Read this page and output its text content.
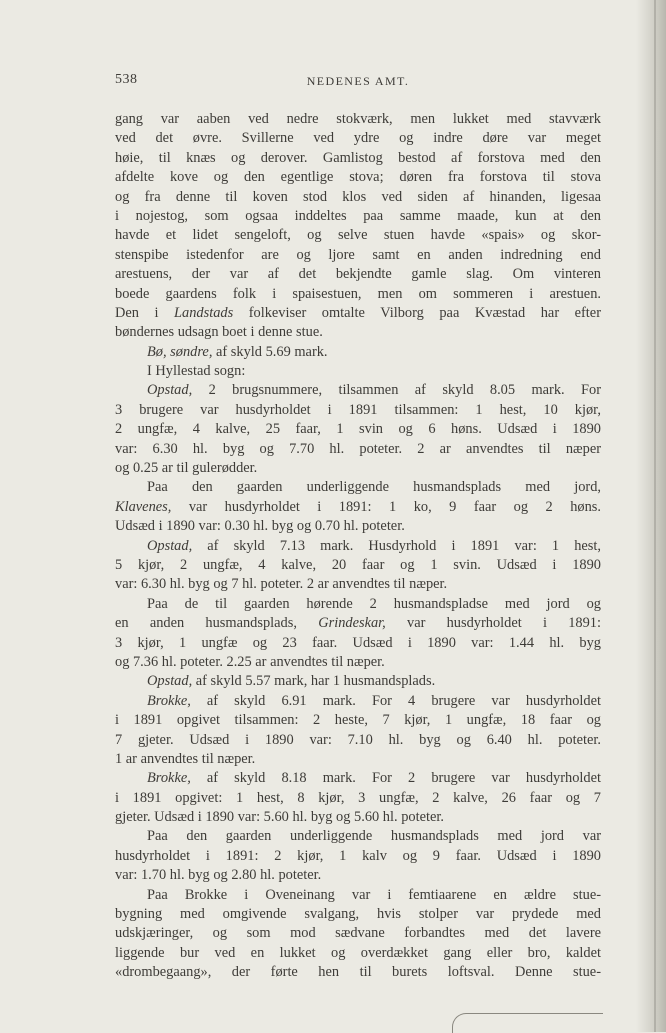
538	NEDENES AMT.
gang var aaben ved nedre stokværk, men lukket med stavværk
ved det øvre. Svillerne ved ydre og indre døre var meget
høie, til knæs og derover. Gamlistog bestod af forstova med den
afdelte kove og den egentlige stova; døren fra forstova til stova
og fra denne til koven stod klos ved siden af hinanden, ligesaa
i nojestog, som ogsaa inddeltes paa samme maade, kun at den
havde et lidet sengeloft, og selve stuen havde «spais» og skor-
stenspibe istedenfor are og ljore samt en anden indredning end
arestuens, der var af det bekjendte gamle slag. Om vinteren
boede gaardens folk i spaisestuen, men om sommeren i arestuen.
Den i Landstads folkeviser omtalte Vilborg paa Kvæstad har efter
bøndernes udsagn boet i denne stue.
Bø, søndre, af skyld 5.69 mark.
I Hyllestad sogn:
Opstad, 2 brugsnummere, tilsammen af skyld 8.05 mark. For
3 brugere var husdyrholdet i 1891 tilsammen: 1 hest, 10 kjør,
2 ungfæ, 4 kalve, 25 faar, 1 svin og 6 høns. Udsæd i 1890
var: 6.30 hl. byg og 7.70 hl. poteter. 2 ar anvendtes til næper
og 0.25 ar til gulerødder.
Paa den gaarden underliggende husmandsplads med jord,
Klavenes, var husdyrholdet i 1891: 1 ko, 9 faar og 2 høns.
Udsæd i 1890 var: 0.30 hl. byg og 0.70 hl. poteter.
Opstad, af skyld 7.13 mark. Husdyrhold i 1891 var: 1 hest,
5 kjør, 2 ungfæ, 4 kalve, 20 faar og 1 svin. Udsæd i 1890
var: 6.30 hl. byg og 7 hl. poteter. 2 ar anvendtes til næper.
Paa de til gaarden hørende 2 husmandspladse med jord og
en anden husmandsplads, Grindeskar, var husdyrholdet i 1891:
3 kjør, 1 ungfæ og 23 faar. Udsæd i 1890 var: 1.44 hl. byg
og 7.36 hl. poteter. 2.25 ar anvendtes til næper.
Opstad, af skyld 5.57 mark, har 1 husmandsplads.
Brokke, af skyld 6.91 mark. For 4 brugere var husdyrholdet
i 1891 opgivet tilsammen: 2 heste, 7 kjør, 1 ungfæ, 18 faar og
7 gjeter. Udsæd i 1890 var: 7.10 hl. byg og 6.40 hl. poteter.
1 ar anvendtes til næper.
Brokke, af skyld 8.18 mark. For 2 brugere var husdyrholdet
i 1891 opgivet: 1 hest, 8 kjør, 3 ungfæ, 2 kalve, 26 faar og 7
gjeter. Udsæd i 1890 var: 5.60 hl. byg og 5.60 hl. poteter.
Paa den gaarden underliggende husmandsplads med jord var
husdyrholdet i 1891: 2 kjør, 1 kalv og 9 faar. Udsæd i 1890
var: 1.70 hl. byg og 2.80 hl. poteter.
Paa Brokke i Oveneinang var i femtiaarene en ældre stue-
bygning med omgivende svalgang, hvis stolper var prydede med
udskjæringer, og som mod sædvane forbandtes med det lavere
liggende bur ved en lukket og overdækket gang eller bro, kaldet
«drombegaang», der førte hen til burets loftsval. Denne stue-
